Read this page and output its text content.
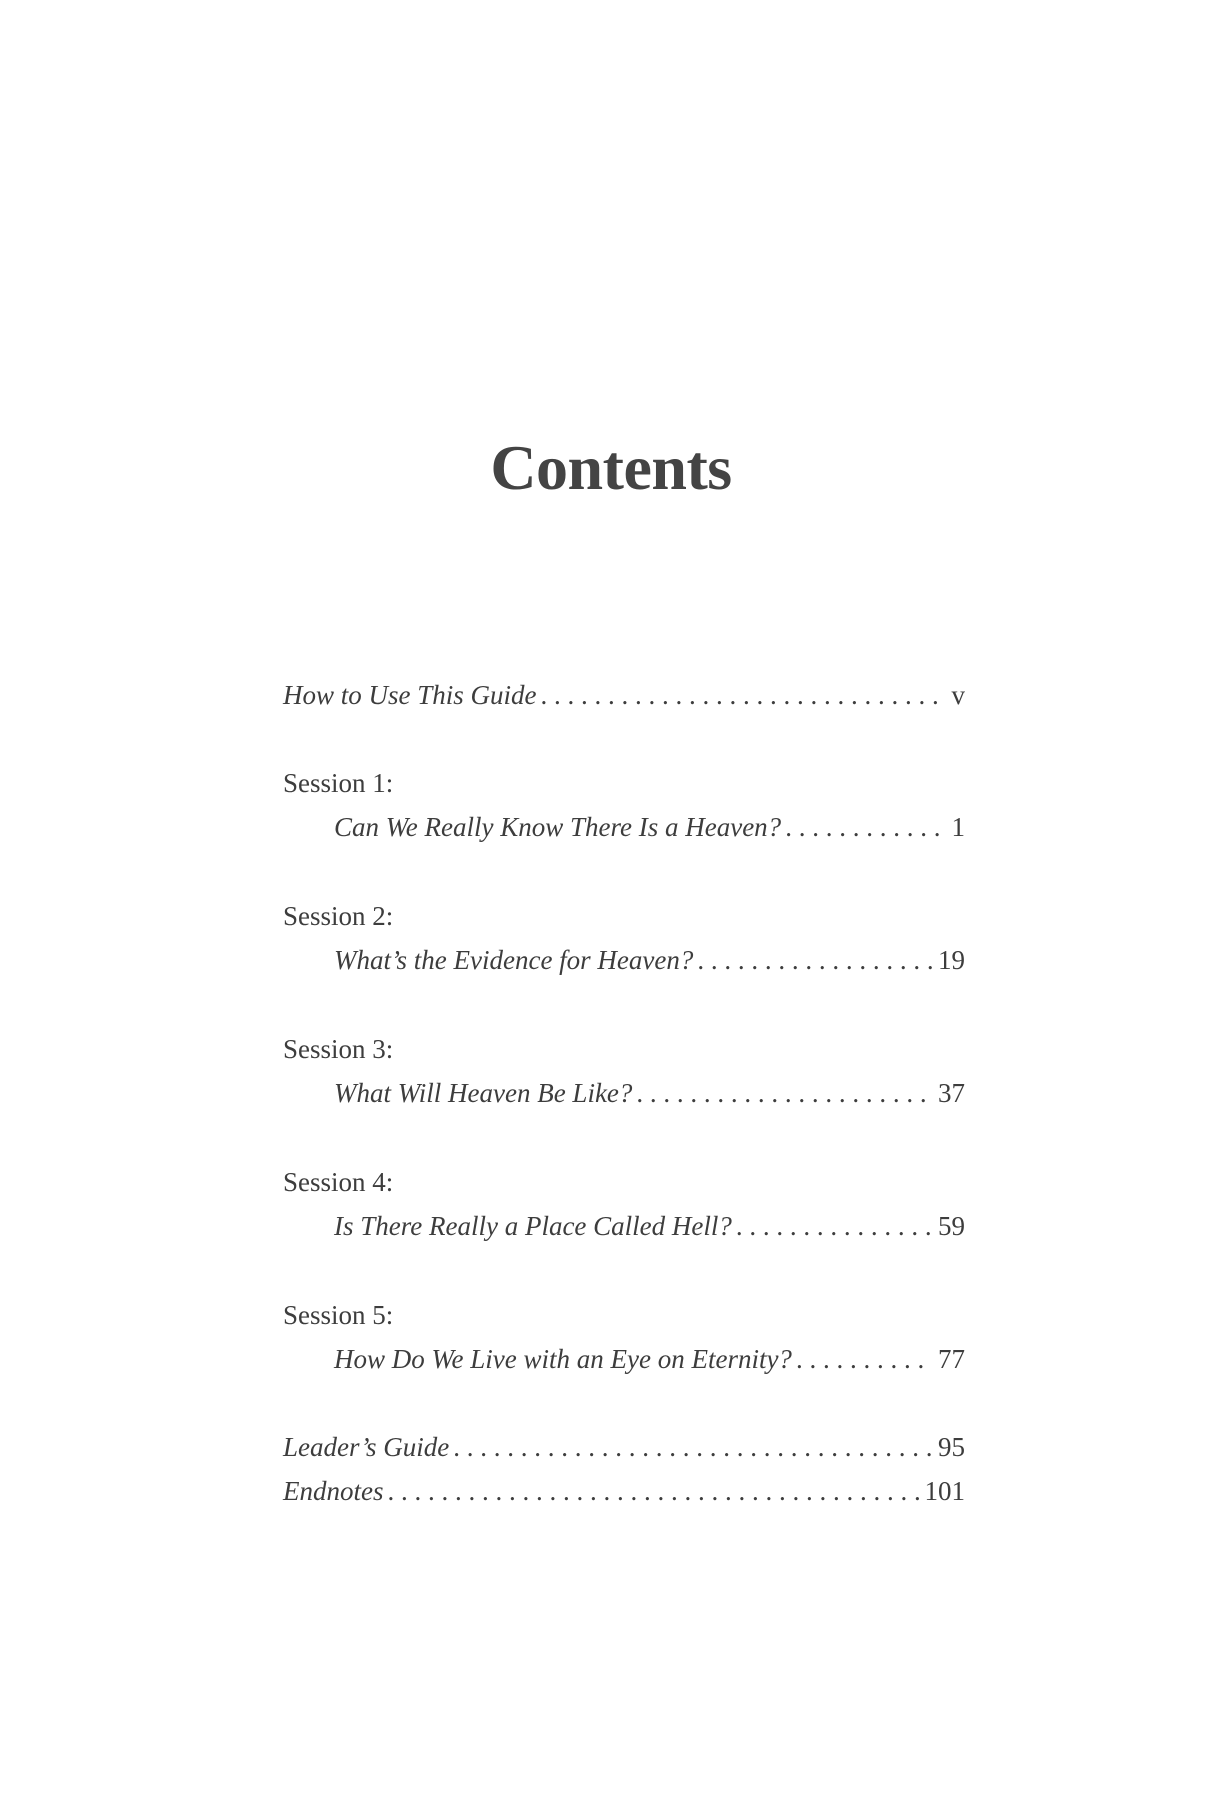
Contents
How to Use This Guide . . .	v
Session 1:
Can We Really Know There Is a Heaven? . . .	1
Session 2:
What’s the Evidence for Heaven? . . .	19
Session 3:
What Will Heaven Be Like? . . .	37
Session 4:
Is There Really a Place Called Hell? . . .	59
Session 5:
How Do We Live with an Eye on Eternity? . . .	77
Leader’s Guide . . .	95
Endnotes . . .	101
